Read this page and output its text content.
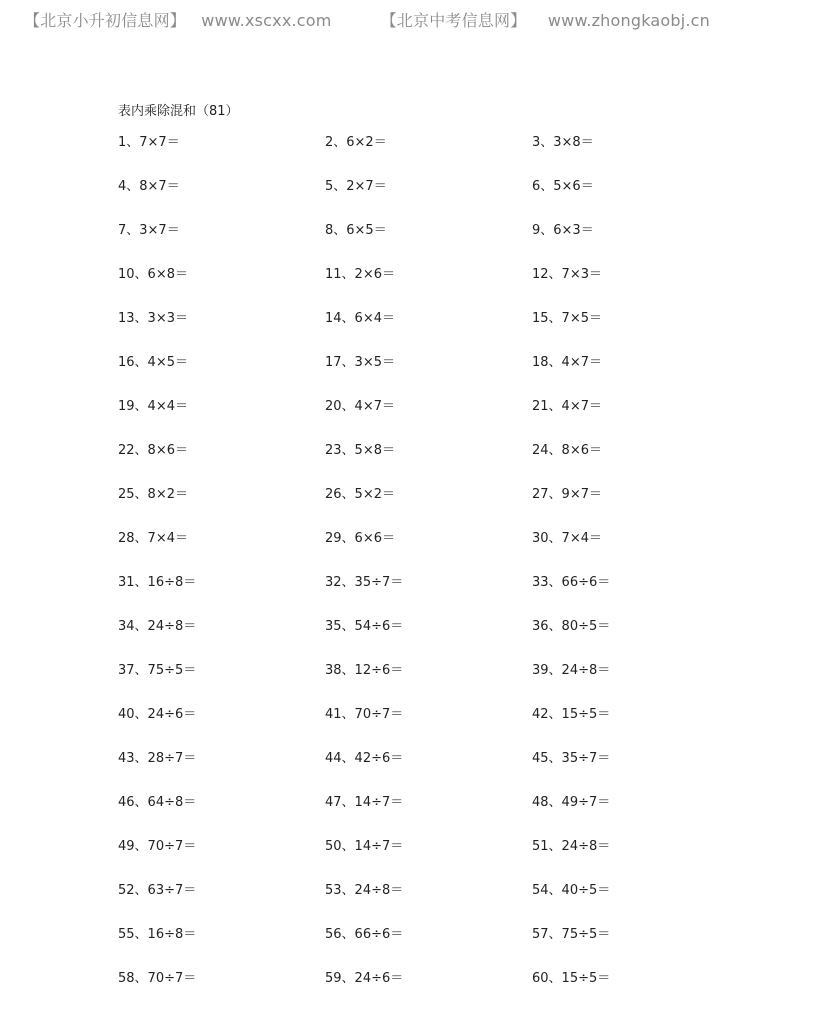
【北京小升初信息网】 www.xscxx.com	【北京中考信息网】 www.zhongkaobj.cn
表内乘除混和（81）
1、7×7＝	2、6×2＝	3、3×8＝
4、8×7＝	5、2×7＝	6、5×6＝
7、3×7＝	8、6×5＝	9、6×3＝
10、6×8＝	11、2×6＝	12、7×3＝
13、3×3＝	14、6×4＝	15、7×5＝
16、4×5＝	17、3×5＝	18、4×7＝
19、4×4＝	20、4×7＝	21、4×7＝
22、8×6＝	23、5×8＝	24、8×6＝
25、8×2＝	26、5×2＝	27、9×7＝
28、7×4＝	29、6×6＝	30、7×4＝
31、16÷8＝	32、35÷7＝	33、66÷6＝
34、24÷8＝	35、54÷6＝	36、80÷5＝
37、75÷5＝	38、12÷6＝	39、24÷8＝
40、24÷6＝	41、70÷7＝	42、15÷5＝
43、28÷7＝	44、42÷6＝	45、35÷7＝
46、64÷8＝	47、14÷7＝	48、49÷7＝
49、70÷7＝	50、14÷7＝	51、24÷8＝
52、63÷7＝	53、24÷8＝	54、40÷5＝
55、16÷8＝	56、66÷6＝	57、75÷5＝
58、70÷7＝	59、24÷6＝	60、15÷5＝
